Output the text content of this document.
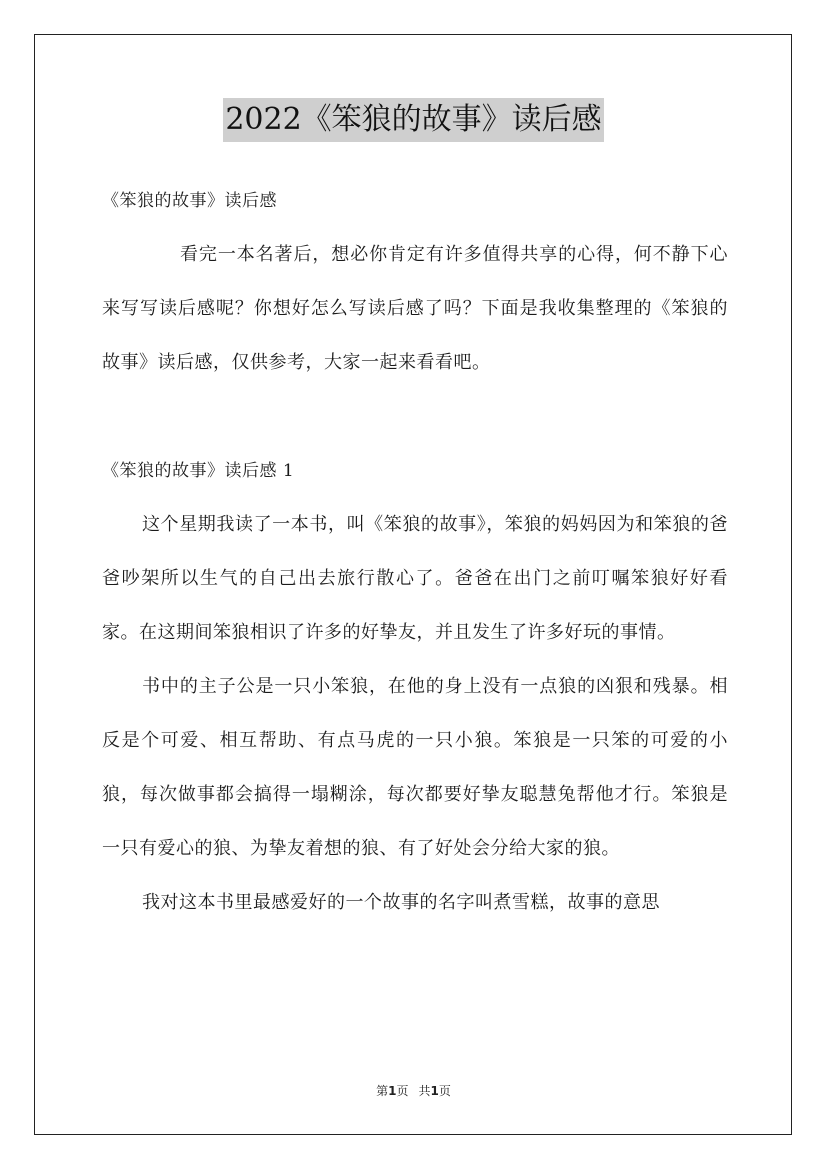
2022《笨狼的故事》读后感

《笨狼的故事》读后感

看完一本名著后，想必你肯定有许多值得共享的心得，何不静下心来写写读后感呢？你想好怎么写读后感了吗？下面是我收集整理的《笨狼的故事》读后感，仅供参考，大家一起来看看吧。

《笨狼的故事》读后感 1

这个星期我读了一本书，叫《笨狼的故事》，笨狼的妈妈因为和笨狼的爸爸吵架所以生气的自己出去旅行散心了。爸爸在出门之前叮嘱笨狼好好看家。在这期间笨狼相识了许多的好挚友，并且发生了许多好玩的事情。

书中的主子公是一只小笨狼，在他的身上没有一点狼的凶狠和残暴。相反是个可爱、相互帮助、有点马虎的一只小狼。笨狼是一只笨的可爱的小狼，每次做事都会搞得一塌糊涂，每次都要好挚友聪慧兔帮他才行。笨狼是一只有爱心的狼、为挚友着想的狼、有了好处会分给大家的狼。

我对这本书里最感爱好的一个故事的名字叫煮雪糕，故事的意思

第1页 共1页
